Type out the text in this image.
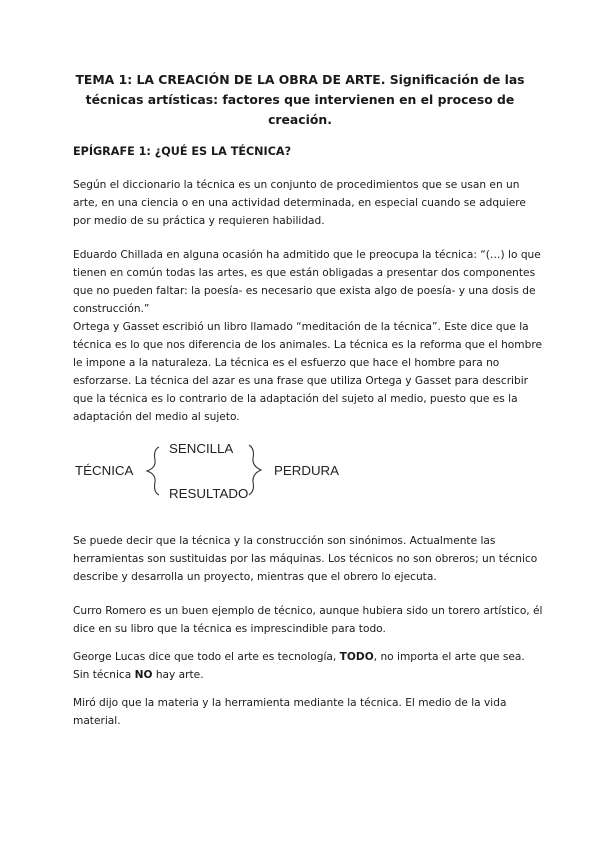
TEMA 1: LA CREACIÓN DE LA OBRA DE ARTE. Significación de las técnicas artísticas: factores que intervienen en el proceso de creación.
EPÍGRAFE 1: ¿QUÉ ES LA TÉCNICA?

Según el diccionario la técnica es un conjunto de procedimientos que se usan en un arte, en una ciencia o en una actividad determinada, en especial cuando se adquiere por medio de su práctica y requieren habilidad.

Eduardo Chillada en alguna ocasión ha admitido que le preocupa la técnica: “(…) lo que tienen en común todas las artes, es que están obligadas a presentar dos componentes que no pueden faltar: la poesía- es necesario que exista algo de poesía- y una dosis de construcción.”

Ortega y Gasset escribió un libro llamado “meditación de la técnica”. Este dice que la técnica es lo que nos diferencia de los animales. La técnica es la reforma que el hombre le impone a la naturaleza. La técnica es el esfuerzo que hace el hombre para no esforzarse. La técnica del azar es una frase que utiliza Ortega y Gasset para describir que la técnica es lo contrario de la adaptación del sujeto al medio, puesto que es la adaptación del medio al sujeto.

TÉCNICA
SENCILLA
RESULTADO
PERDURA

Se puede decir que la técnica y la construcción son sinónimos. Actualmente las herramientas son sustituidas por las máquinas. Los técnicos no son obreros; un técnico describe y desarrolla un proyecto, mientras que el obrero lo ejecuta.

Curro Romero es un buen ejemplo de técnico, aunque hubiera sido un torero artístico, él dice en su libro que la técnica es imprescindible para todo.

George Lucas dice que todo el arte es tecnología, TODO, no importa el arte que sea. Sin técnica NO hay arte.

Miró dijo que la materia y la herramienta mediante la técnica. El medio de la vida material.
